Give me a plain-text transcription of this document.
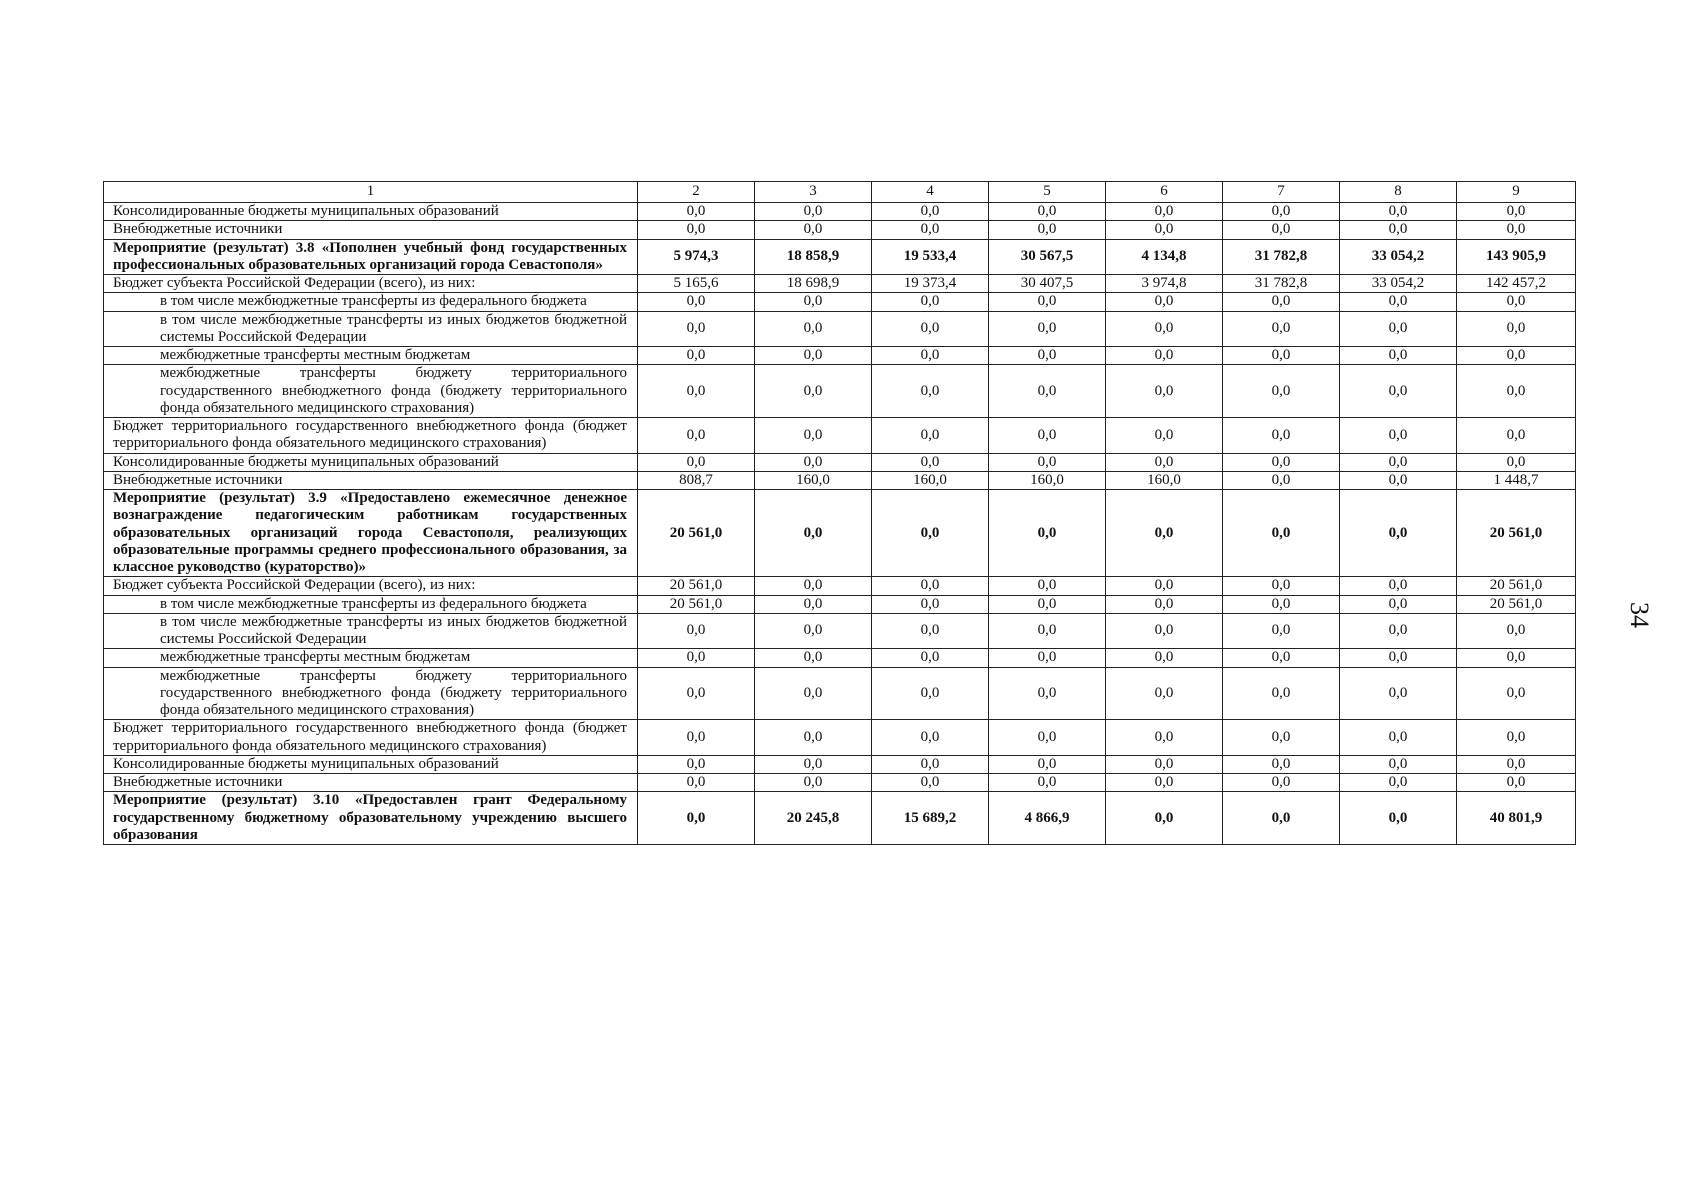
1	2	3	4	5	6	7	8	9
Консолидированные бюджеты муниципальных образований	0,0	0,0	0,0	0,0	0,0	0,0	0,0	0,0
Внебюджетные источники	0,0	0,0	0,0	0,0	0,0	0,0	0,0	0,0
Мероприятие (результат) 3.8 «Пополнен учебный фонд государственных профессиональных образовательных организаций города Севастополя»	5 974,3	18 858,9	19 533,4	30 567,5	4 134,8	31 782,8	33 054,2	143 905,9
Бюджет субъекта Российской Федерации (всего), из них:	5 165,6	18 698,9	19 373,4	30 407,5	3 974,8	31 782,8	33 054,2	142 457,2
в том числе межбюджетные трансферты из федерального бюджета	0,0	0,0	0,0	0,0	0,0	0,0	0,0	0,0
в том числе межбюджетные трансферты из иных бюджетов бюджетной системы Российской Федерации	0,0	0,0	0,0	0,0	0,0	0,0	0,0	0,0
межбюджетные трансферты местным бюджетам	0,0	0,0	0,0	0,0	0,0	0,0	0,0	0,0
межбюджетные трансферты бюджету территориального государственного внебюджетного фонда (бюджету территориального фонда обязательного медицинского страхования)	0,0	0,0	0,0	0,0	0,0	0,0	0,0	0,0
Бюджет территориального государственного внебюджетного фонда (бюджет территориального фонда обязательного медицинского страхования)	0,0	0,0	0,0	0,0	0,0	0,0	0,0	0,0
Консолидированные бюджеты муниципальных образований	0,0	0,0	0,0	0,0	0,0	0,0	0,0	0,0
Внебюджетные источники	808,7	160,0	160,0	160,0	160,0	0,0	0,0	1 448,7
Мероприятие (результат) 3.9 «Предоставлено ежемесячное денежное вознаграждение педагогическим работникам государственных образовательных организаций города Севастополя, реализующих образовательные программы среднего профессионального образования, за классное руководство (кураторство)»	20 561,0	0,0	0,0	0,0	0,0	0,0	0,0	20 561,0
Бюджет субъекта Российской Федерации (всего), из них:	20 561,0	0,0	0,0	0,0	0,0	0,0	0,0	20 561,0
в том числе межбюджетные трансферты из федерального бюджета	20 561,0	0,0	0,0	0,0	0,0	0,0	0,0	20 561,0
в том числе межбюджетные трансферты из иных бюджетов бюджетной системы Российской Федерации	0,0	0,0	0,0	0,0	0,0	0,0	0,0	0,0
межбюджетные трансферты местным бюджетам	0,0	0,0	0,0	0,0	0,0	0,0	0,0	0,0
межбюджетные трансферты бюджету территориального государственного внебюджетного фонда (бюджету территориального фонда обязательного медицинского страхования)	0,0	0,0	0,0	0,0	0,0	0,0	0,0	0,0
Бюджет территориального государственного внебюджетного фонда (бюджет территориального фонда обязательного медицинского страхования)	0,0	0,0	0,0	0,0	0,0	0,0	0,0	0,0
Консолидированные бюджеты муниципальных образований	0,0	0,0	0,0	0,0	0,0	0,0	0,0	0,0
Внебюджетные источники	0,0	0,0	0,0	0,0	0,0	0,0	0,0	0,0
Мероприятие (результат) 3.10 «Предоставлен грант Федеральному государственному бюджетному образовательному учреждению высшего образования	0,0	20 245,8	15 689,2	4 866,9	0,0	0,0	0,0	40 801,9
34
